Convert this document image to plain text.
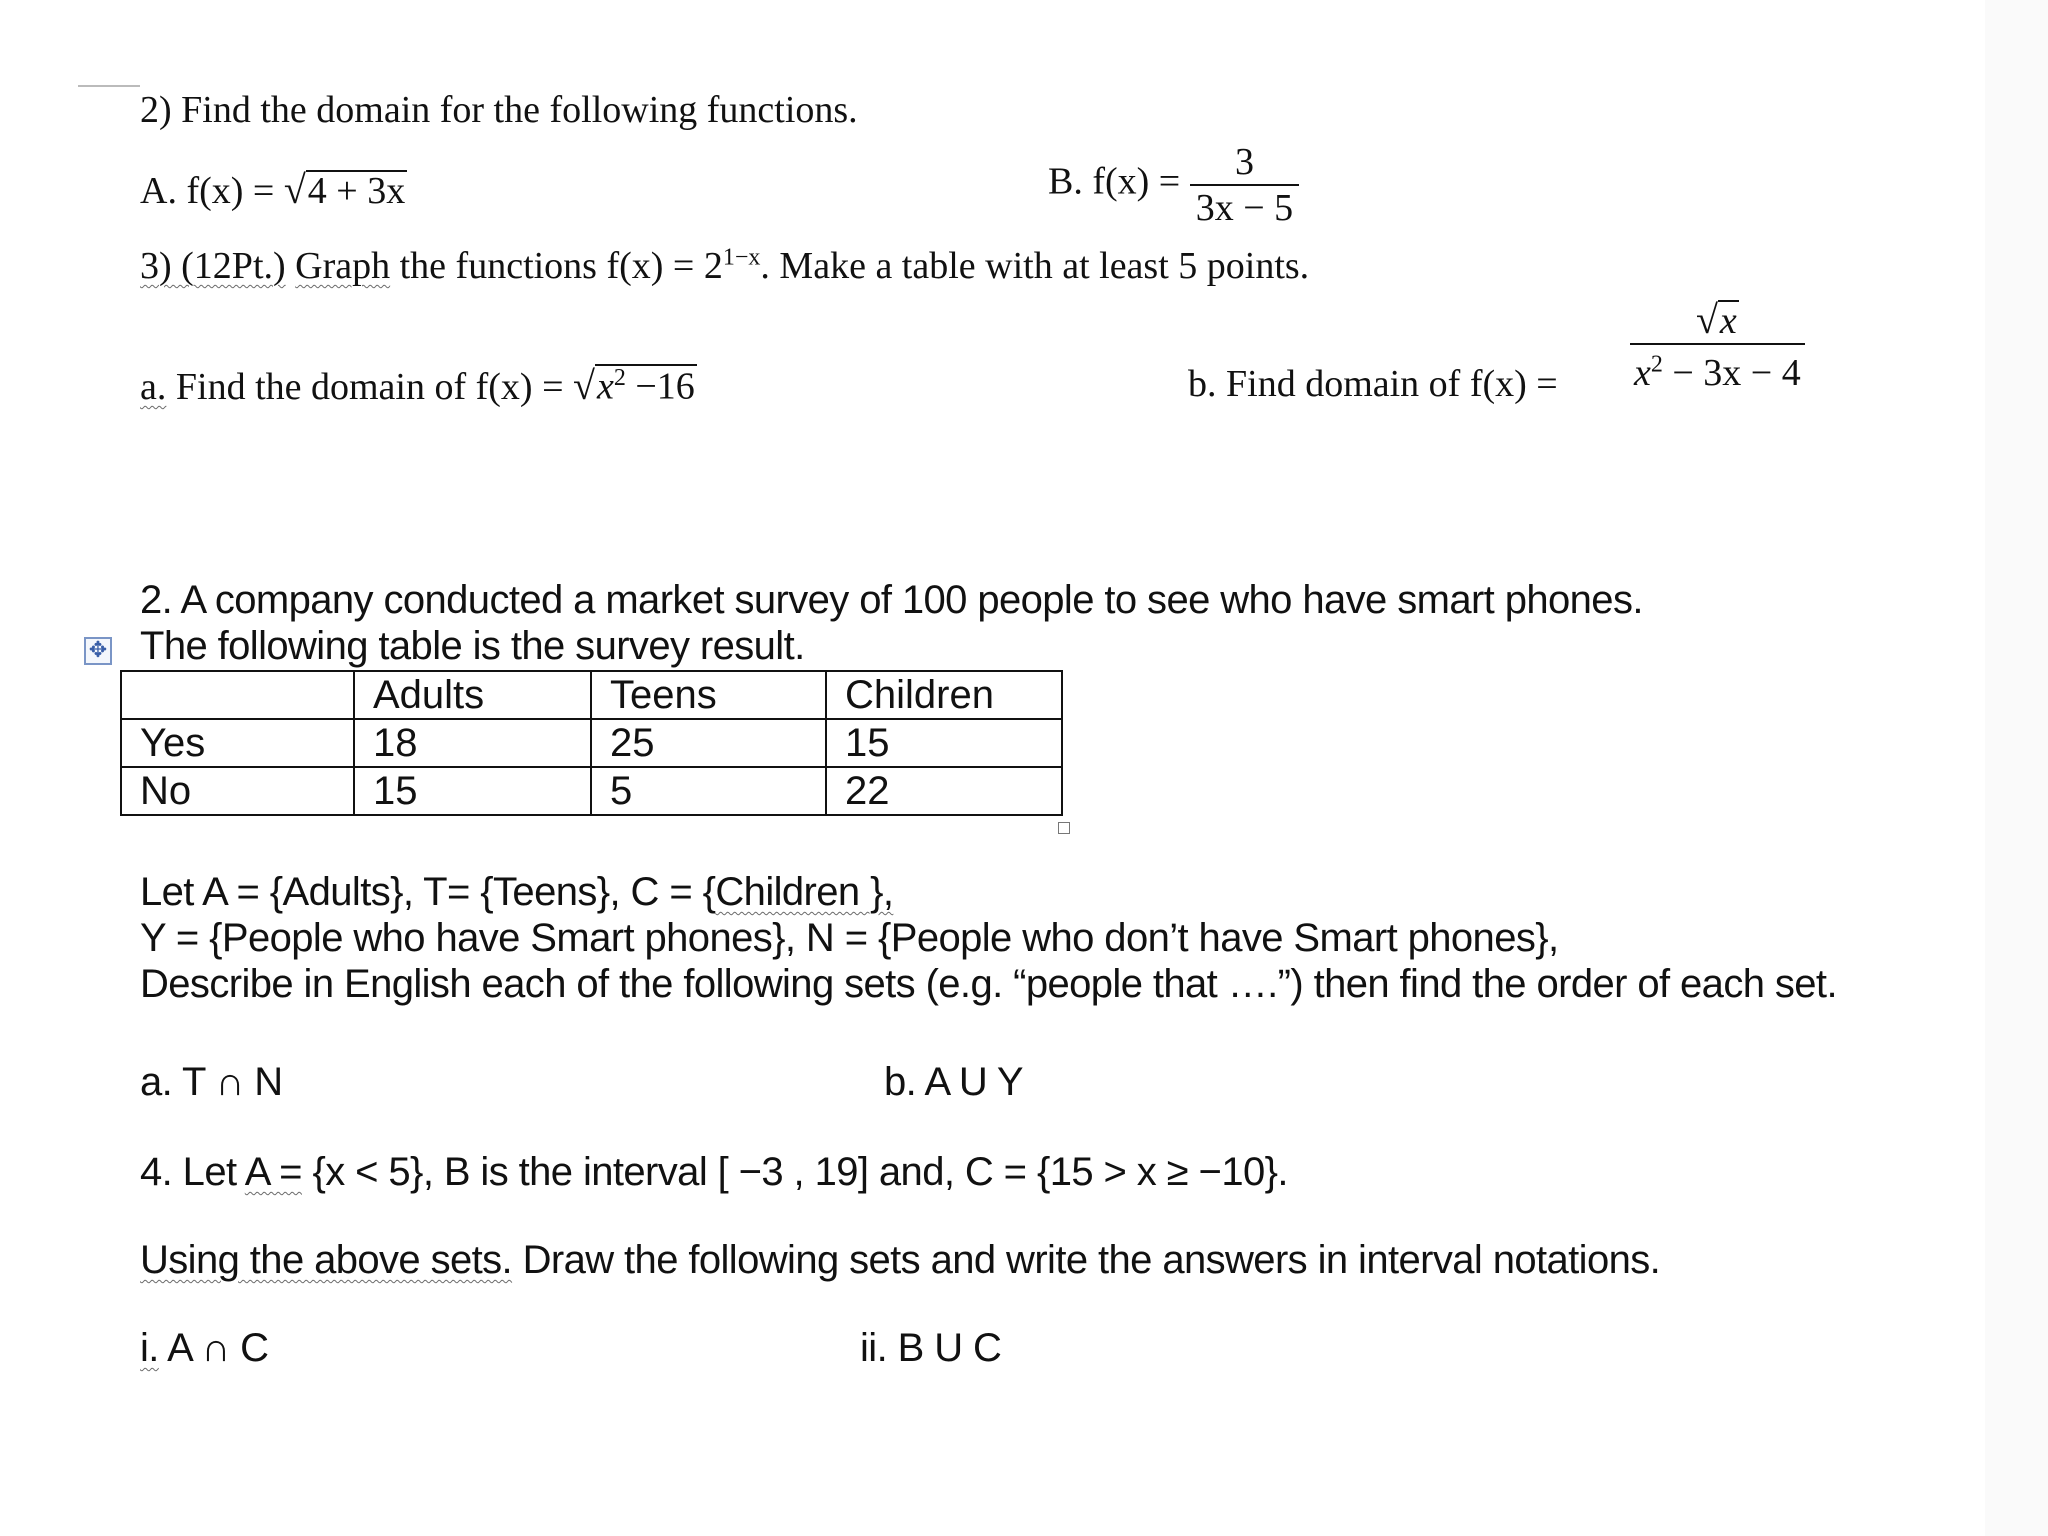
2) Find the domain for the following functions.
A. f(x) = √4 + 3x	B. $f(x) = \frac{3}{3x - 5}$
3) (12Pt.) Graph the functions $f(x) = 2^{1-x}$. Make a table with at least 5 points.
a. Find the domain of $f(x) = √x^2 -16$	b. Find domain of $f(x) = \frac{√x}{x^2 - 3x - 4}$
2. A company conducted a market survey of 100 people to see who have smart phones.
✥ The following table is the survey result.
	Adults	Teens	Children
Yes	18	25	15
No	15	5	22
Let A = {Adults}, T= {Teens}, C = {Children },
Y = {People who have Smart phones}, N = {People who don’t have Smart phones},
Describe in English each of the following sets (e.g. “people that ….”) then find the order of each set.
a. T ∩ N	b. A U Y
4. Let A = {x < 5}, B is the interval [ −3 , 19] and, C = {15 > x ≥ −10}.
Using the above sets. Draw the following sets and write the answers in interval notations.
i. A ∩ C	ii. B U C
